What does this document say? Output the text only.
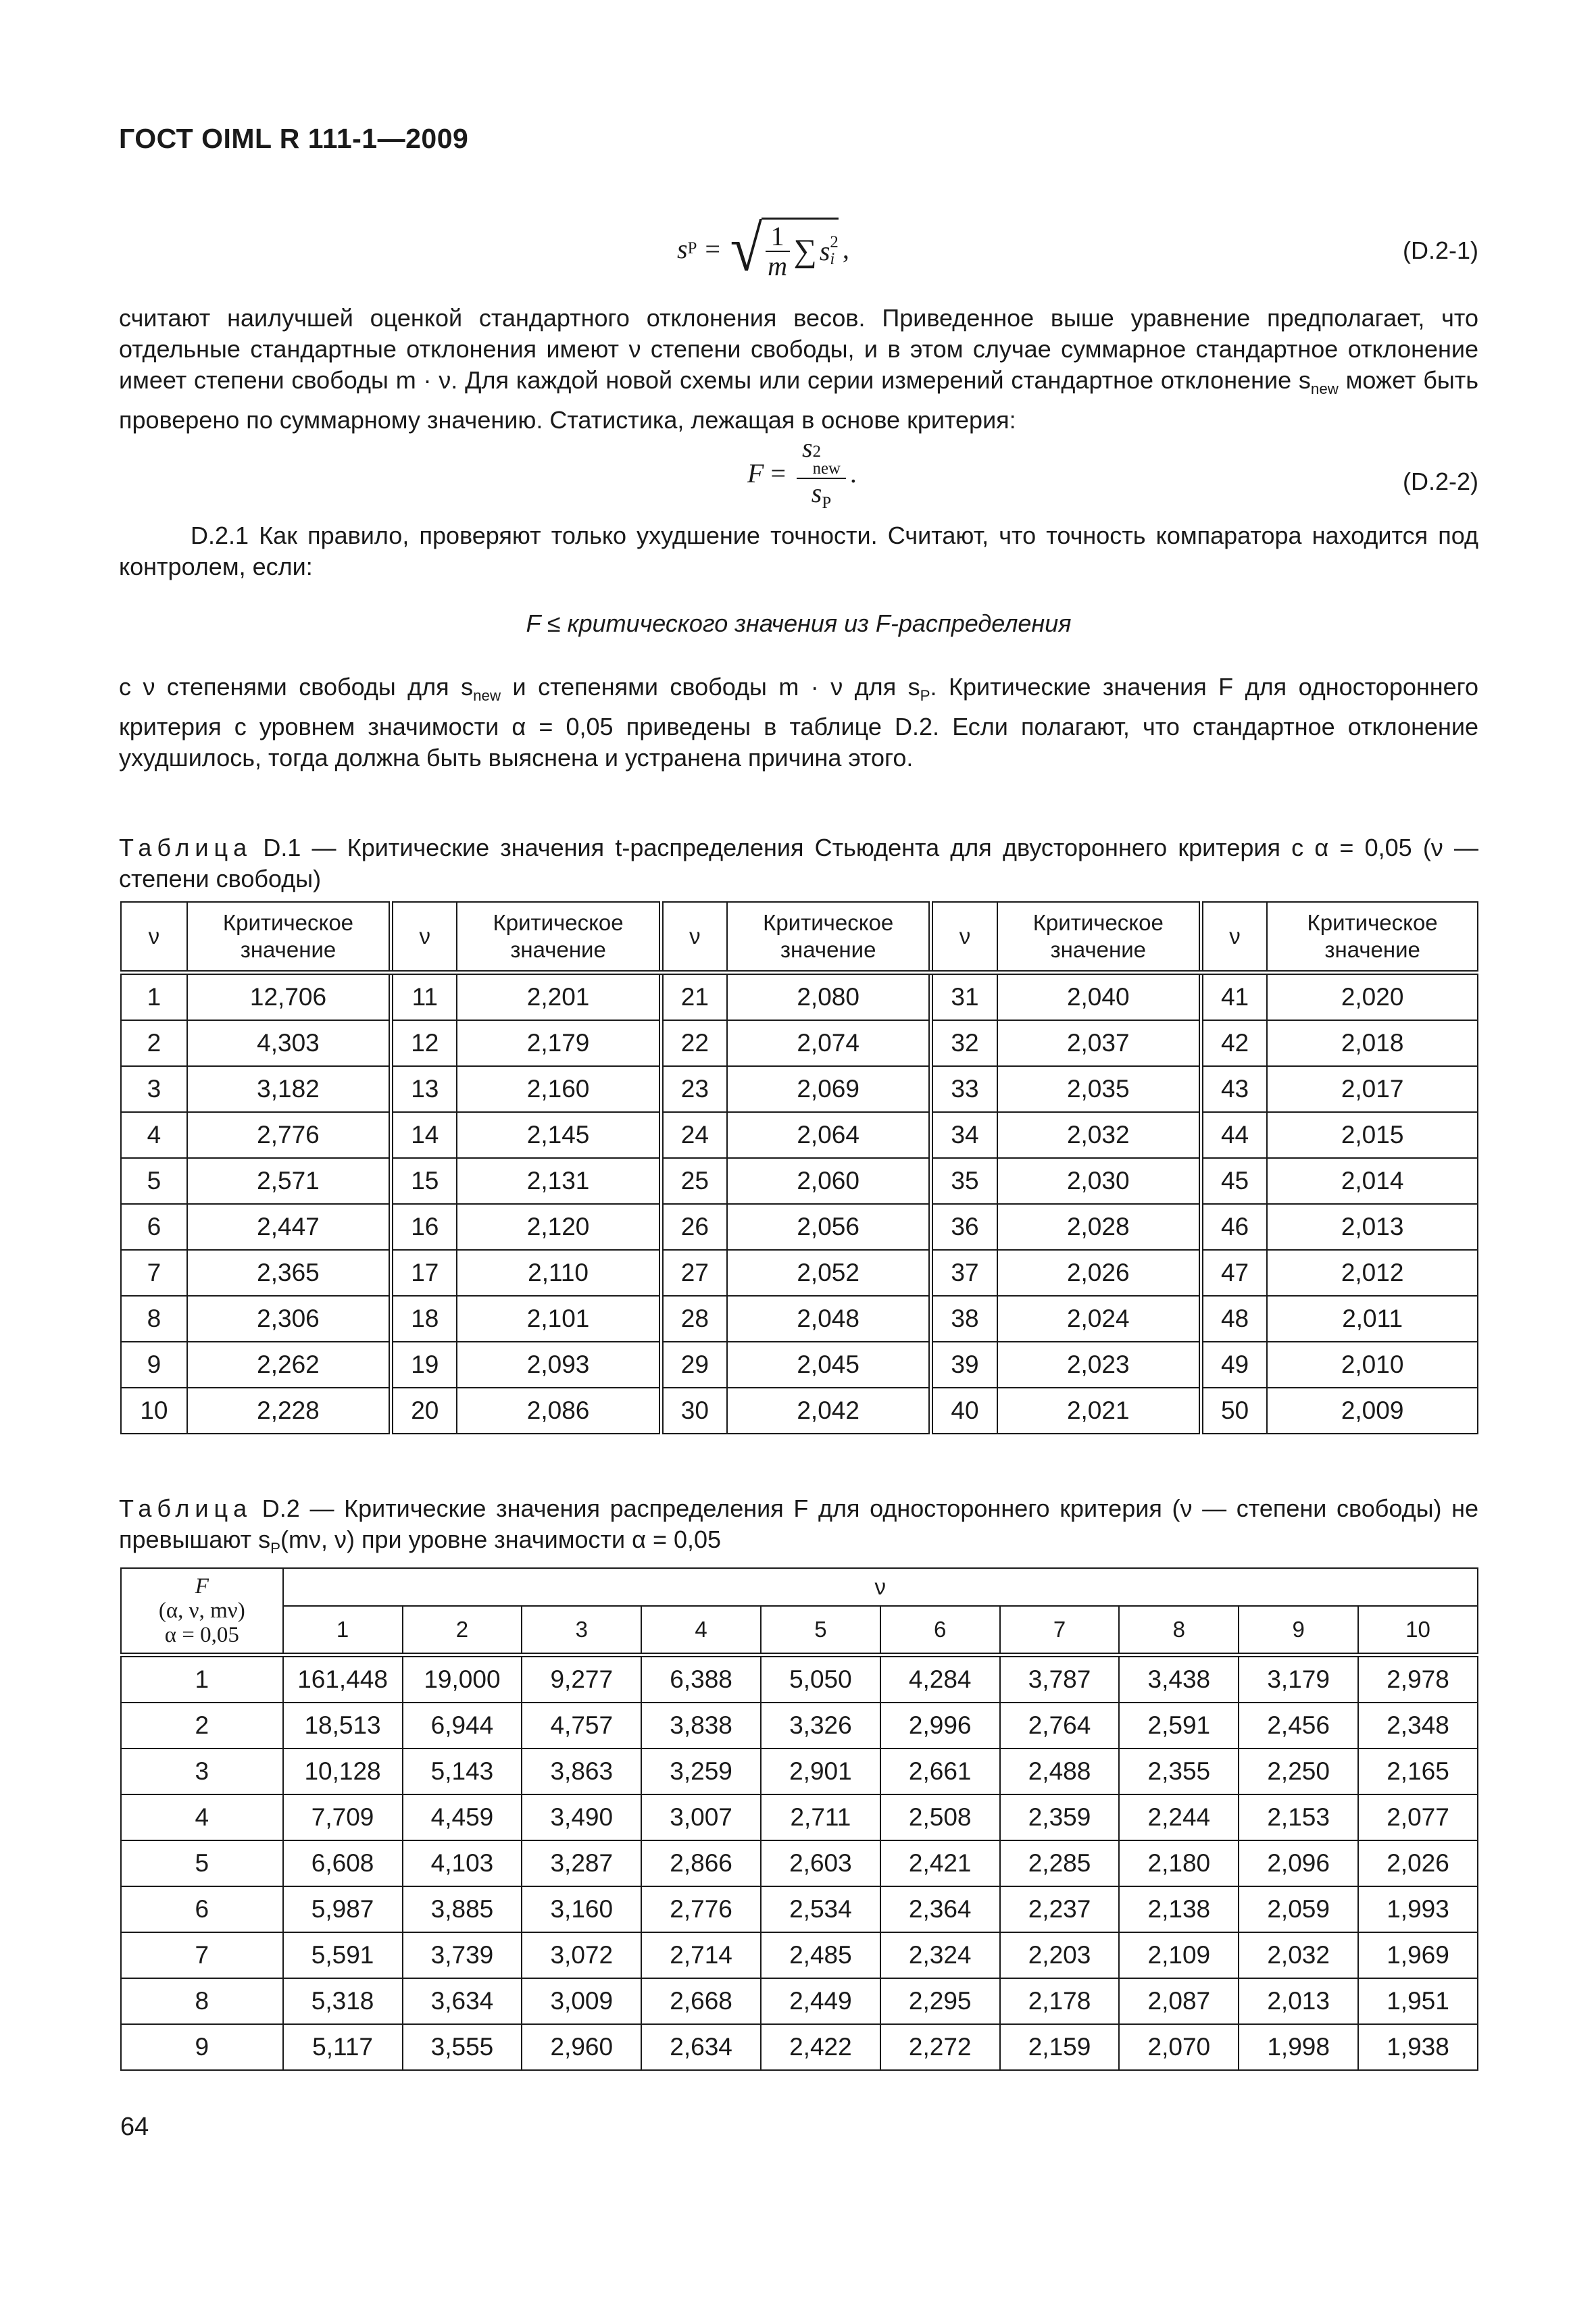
ГОСТ OIML R 111-1—2009
s P = √ $\frac{1}{m}$ ∑ s 2
i ,	(D.2-1)
считают наилучшей оценкой стандартного отклонения весов. Приведенное выше уравнение предполагает, что отдельные стандартные отклонения имеют ν степени свободы, и в этом случае суммарное стандартное отклонение имеет степени свободы m · ν. Для каждой новой схемы или серии измерений стандартное отклонение $s_{new}$ может быть проверено по суммарному значению. Статистика, лежащая в основе критерия:
F = s 2
new
$s_P$ .	(D.2-2)
D.2.1 Как правило, проверяют только ухудшение точности. Считают, что точность компаратора находится под контролем, если:
F ≤ критического значения из F-распределения
с ν степенями свободы для $s_{new}$ и степенями свободы m · ν для $s_P$. Критические значения F для одностороннего критерия с уровнем значимости α = 0,05 приведены в таблице D.2. Если полагают, что стандартное отклонение ухудшилось, тогда должна быть выяснена и устранена причина этого.
Таблица D.1 — Критические значения t-распределения Стьюдента для двустороннего критерия с α = 0,05 (ν — степени свободы)
ν	Критическое значение	ν	Критическое значение	ν	Критическое значение	ν	Критическое значение	ν	Критическое значение
1	12,706	11	2,201	21	2,080	31	2,040	41	2,020
2	4,303	12	2,179	22	2,074	32	2,037	42	2,018
3	3,182	13	2,160	23	2,069	33	2,035	43	2,017
4	2,776	14	2,145	24	2,064	34	2,032	44	2,015
5	2,571	15	2,131	25	2,060	35	2,030	45	2,014
6	2,447	16	2,120	26	2,056	36	2,028	46	2,013
7	2,365	17	2,110	27	2,052	37	2,026	47	2,012
8	2,306	18	2,101	28	2,048	38	2,024	48	2,011
9	2,262	19	2,093	29	2,045	39	2,023	49	2,010
10	2,228	20	2,086	30	2,042	40	2,021	50	2,009
Таблица D.2 — Критические значения распределения F для одностороннего критерия (ν — степени свободы) не превышают $s_P(m\nu$, ν) при уровне значимости α = 0,05
F
(α, ν, mν)
α = 0,05	ν									
	1	2	3	4	5	6	7	8	9	10
1	161,448	19,000	9,277	6,388	5,050	4,284	3,787	3,438	3,179	2,978
2	18,513	6,944	4,757	3,838	3,326	2,996	2,764	2,591	2,456	2,348
3	10,128	5,143	3,863	3,259	2,901	2,661	2,488	2,355	2,250	2,165
4	7,709	4,459	3,490	3,007	2,711	2,508	2,359	2,244	2,153	2,077
5	6,608	4,103	3,287	2,866	2,603	2,421	2,285	2,180	2,096	2,026
6	5,987	3,885	3,160	2,776	2,534	2,364	2,237	2,138	2,059	1,993
7	5,591	3,739	3,072	2,714	2,485	2,324	2,203	2,109	2,032	1,969
8	5,318	3,634	3,009	2,668	2,449	2,295	2,178	2,087	2,013	1,951
9	5,117	3,555	2,960	2,634	2,422	2,272	2,159	2,070	1,998	1,938
64
